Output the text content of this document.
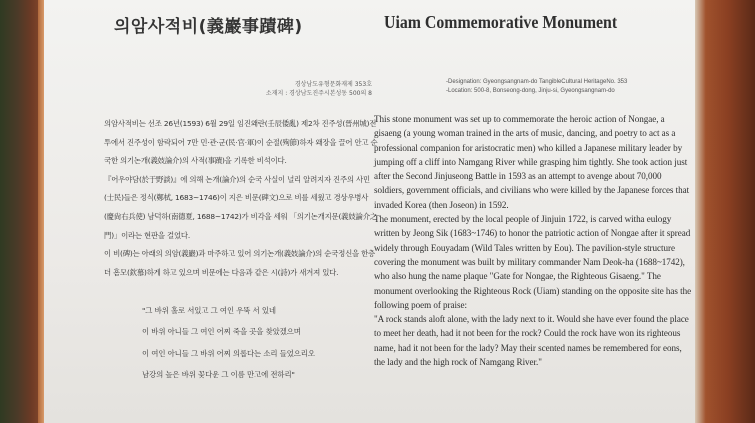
의암사적비(義巖事蹟碑)	Uiam Commemorative Monument
경상남도유형문화재제 353호
소재지 : 경상남도진주시본성동 500의 8
-Designation: Gyeongsangnam-do TangibleCultural HeritageNo. 353
-Location: 500-8, Bonseong-dong, Jinju-si, Gyeongsangnam-do

의암사적비는 선조 26년(1593) 6월 29일 임진왜란(壬辰倭亂) 제2차 진주성(晉州城)전투에서 진주성이 함락되어 7만 민·관·군(民·官·軍)이 순절(殉節)하자 왜장을 끌어 안고 순국한 의기논개(義妓論介)의 사적(事蹟)을 기록한 비석이다.

『어우야담(於于野談)』에 의해 논개(論介)의 순국 사실이 널리 알려지자 진주의 사민(士民)들은 정식(鄭栻, 1683~1746)이 지은 비문(碑文)으로 비를 세웠고 경상우병사(慶尙右兵使) 남덕하(南德夏, 1688~1742)가 비각을 세워 「의기논개지문(義妓論介之門)」이라는 현판을 걸었다.

이 비(碑)는 아래의 의암(義巖)과 마주하고 있어 의기논개(義妓論介)의 순국정신을 한층 더 흠모(欽慕)하게 하고 있으며 비문에는 다음과 같은 시(詩)가 새겨져 있다.

"그 바위 홀로 서있고 그 여인 우뚝 서 있네
이 바위 아니들 그 여인 어찌 죽을 곳을 찾았겠으며
이 여인 아니들 그 바위 어찌 의롭다는 소리 들었으리오
남강의 높은 바위 꽃다운 그 이름 만고에 전하리"

This stone monument was set up to commemorate the heroic action of Nongae, a gisaeng (a young woman trained in the arts of music, dancing, and poetry to act as a professional companion for aristocratic men) who killed a Japanese military leader by jumping off a cliff into Namgang River while grasping him tightly. She took action just after the Second Jinjuseong Battle in 1593 as an attempt to avenge about 70,000 soldiers, government officials, and civilians who were killed by the Japanese forces that invaded Korea (then Joseon) in 1592.

The monument, erected by the local people of Jinjuin 1722, is carved witha eulogy written by Jeong Sik (1683~1746) to honor the patriotic action of Nongae after it spread widely through Eouyadam (Wild Tales written by Eou). The pavilion-style structure covering the monument was built by military commander Nam Deok-ha (1688~1742), who also hung the name plaque "Gate for Nongae, the Righteous Gisaeng." The monument overlooking the Righteous Rock (Uiam) standing on the opposite site has the following poem of praise:

"A rock stands aloft alone, with the lady next to it. Would she have ever found the place to meet her death, had it not been for the rock? Could the rock have won its righteous name, had it not been for the lady? May their scented names be remembered for eons, the lady and the high rock of Namgang River."
